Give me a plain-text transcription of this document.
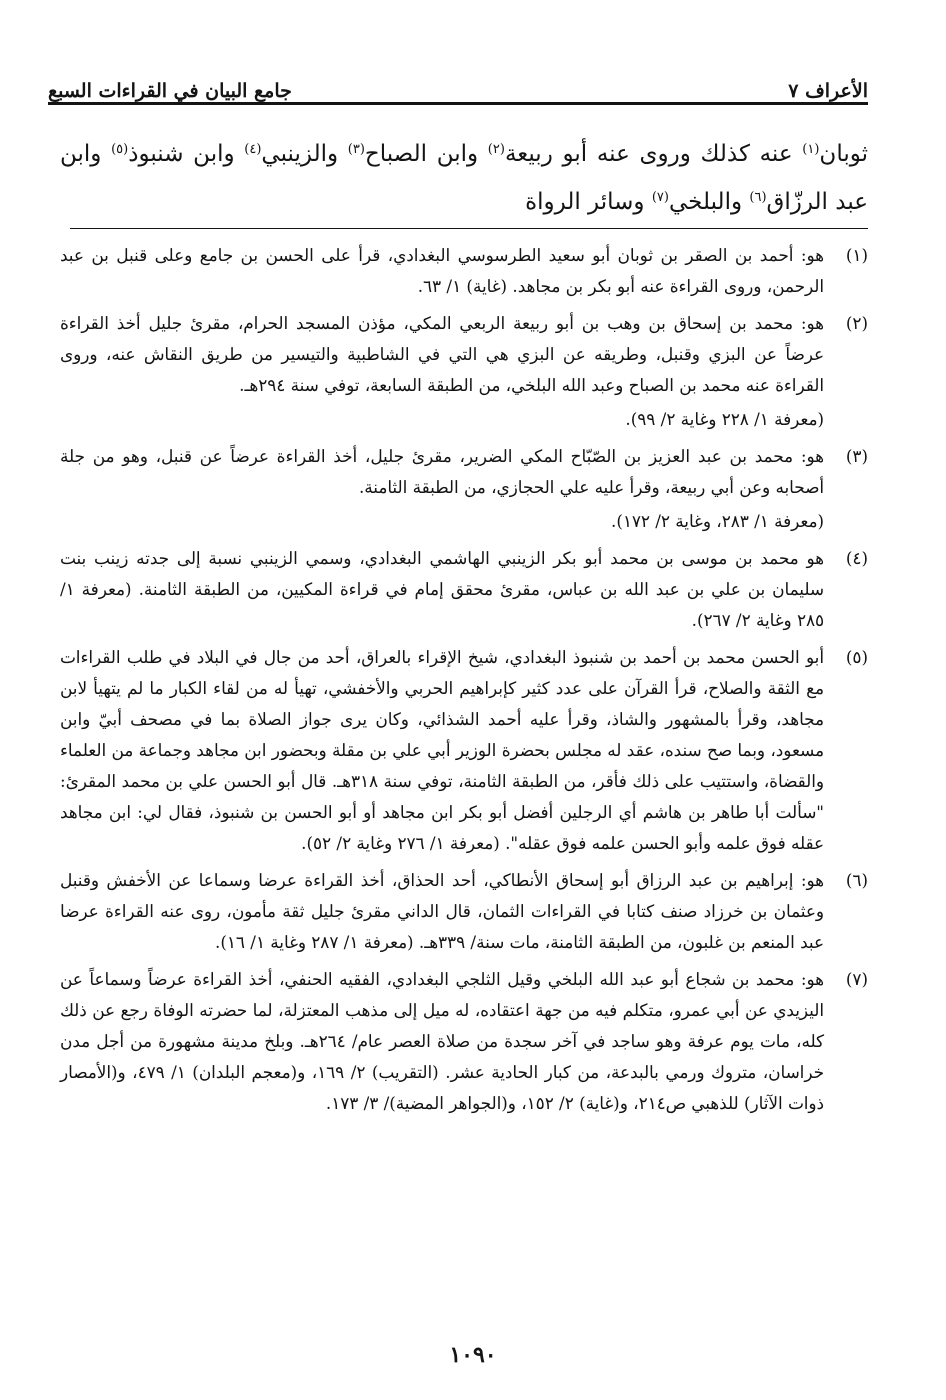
جامع البيان في القراءات السبع	الأعراف ٧
ثوبان$^{(١)}$ عنه كذلك وروى عنه أبو ربيعة$^{(٢)}$ وابن الصباح$^{(٣)}$ والزينبي$^{(٤)}$ وابن شنبوذ$^{(٥)}$ وابن عبد الرزّاق$^{(٦)}$ والبلخي$^{(٧)}$ وسائر الرواة
(١)
هو: أحمد بن الصقر بن ثوبان أبو سعيد الطرسوسي البغدادي، قرأ على الحسن بن جامع وعلى قنبل بن عبد الرحمن، وروى القراءة عنه أبو بكر بن مجاهد. (غاية) ١/ ٦٣.
(٢)
هو: محمد بن إسحاق بن وهب بن أبو ربيعة الربعي المكي، مؤذن المسجد الحرام، مقرئ جليل أخذ القراءة عرضاً عن البزي وقنبل، وطريقه عن البزي هي التي في الشاطبية والتيسير من طريق النقاش عنه، وروى القراءة عنه محمد بن الصباح وعبد الله البلخي، من الطبقة السابعة، توفي سنة ٢٩٤هـ.
(معرفة ١/ ٢٢٨ وغاية ٢/ ٩٩).
(٣)
هو: محمد بن عبد العزيز بن الصّبّاح المكي الضرير، مقرئ جليل، أخذ القراءة عرضاً عن قنبل، وهو من جلة أصحابه وعن أبي ربيعة، وقرأ عليه علي الحجازي، من الطبقة الثامنة.
(معرفة ١/ ٢٨٣، وغاية ٢/ ١٧٢).
(٤)
هو محمد بن موسى بن محمد أبو بكر الزينبي الهاشمي البغدادي، وسمي الزينبي نسبة إلى جدته زينب بنت سليمان بن علي بن عبد الله بن عباس، مقرئ محقق إمام في قراءة المكيين، من الطبقة الثامنة. (معرفة ١/ ٢٨٥ وغاية ٢/ ٢٦٧).
(٥)
أبو الحسن محمد بن أحمد بن شنبوذ البغدادي، شيخ الإقراء بالعراق، أحد من جال في البلاد في طلب القراءات مع الثقة والصلاح، قرأ القرآن على عدد كثير كإبراهيم الحربي والأخفشي، تهيأ له من لقاء الكبار ما لم يتهيأ لابن مجاهد، وقرأ بالمشهور والشاذ، وقرأ عليه أحمد الشذائي، وكان يرى جواز الصلاة بما في مصحف أبيّ وابن مسعود، وبما صح سنده، عقد له مجلس بحضرة الوزير أبي علي بن مقلة وبحضور ابن مجاهد وجماعة من العلماء والقضاة، واستتيب على ذلك فأقر، من الطبقة الثامنة، توفي سنة ٣١٨هـ. قال أبو الحسن علي بن محمد المقرئ: "سألت أبا طاهر بن هاشم أي الرجلين أفضل أبو بكر ابن مجاهد أو أبو الحسن بن شنبوذ، فقال لي: ابن مجاهد عقله فوق علمه وأبو الحسن علمه فوق عقله". (معرفة ١/ ٢٧٦ وغاية ٢/ ٥٢).
(٦)
هو: إبراهيم بن عبد الرزاق أبو إسحاق الأنطاكي، أحد الحذاق، أخذ القراءة عرضا وسماعا عن الأخفش وقنبل وعثمان بن خرزاد صنف كتابا في القراءات الثمان، قال الداني مقرئ جليل ثقة مأمون، روى عنه القراءة عرضا عبد المنعم بن غلبون، من الطبقة الثامنة، مات سنة/ ٣٣٩هـ. (معرفة ١/ ٢٨٧ وغاية ١/ ١٦).
(٧)
هو: محمد بن شجاع أبو عبد الله البلخي وقيل الثلجي البغدادي، الفقيه الحنفي، أخذ القراءة عرضاً وسماعاً عن اليزيدي عن أبي عمرو، متكلم فيه من جهة اعتقاده، له ميل إلى مذهب المعتزلة، لما حضرته الوفاة رجع عن ذلك كله، مات يوم عرفة وهو ساجد في آخر سجدة من صلاة العصر عام/ ٢٦٤هـ. وبلخ مدينة مشهورة من أجل مدن خراسان، متروك ورمي بالبدعة، من كبار الحادية عشر. (التقريب) ٢/ ١٦٩، و(معجم البلدان) ١/ ٤٧٩، و(الأمصار ذوات الآثار) للذهبي ص٢١٤، و(غاية) ٢/ ١٥٢، و(الجواهر المضية)/ ٣/ ١٧٣.
١٠٩٠
